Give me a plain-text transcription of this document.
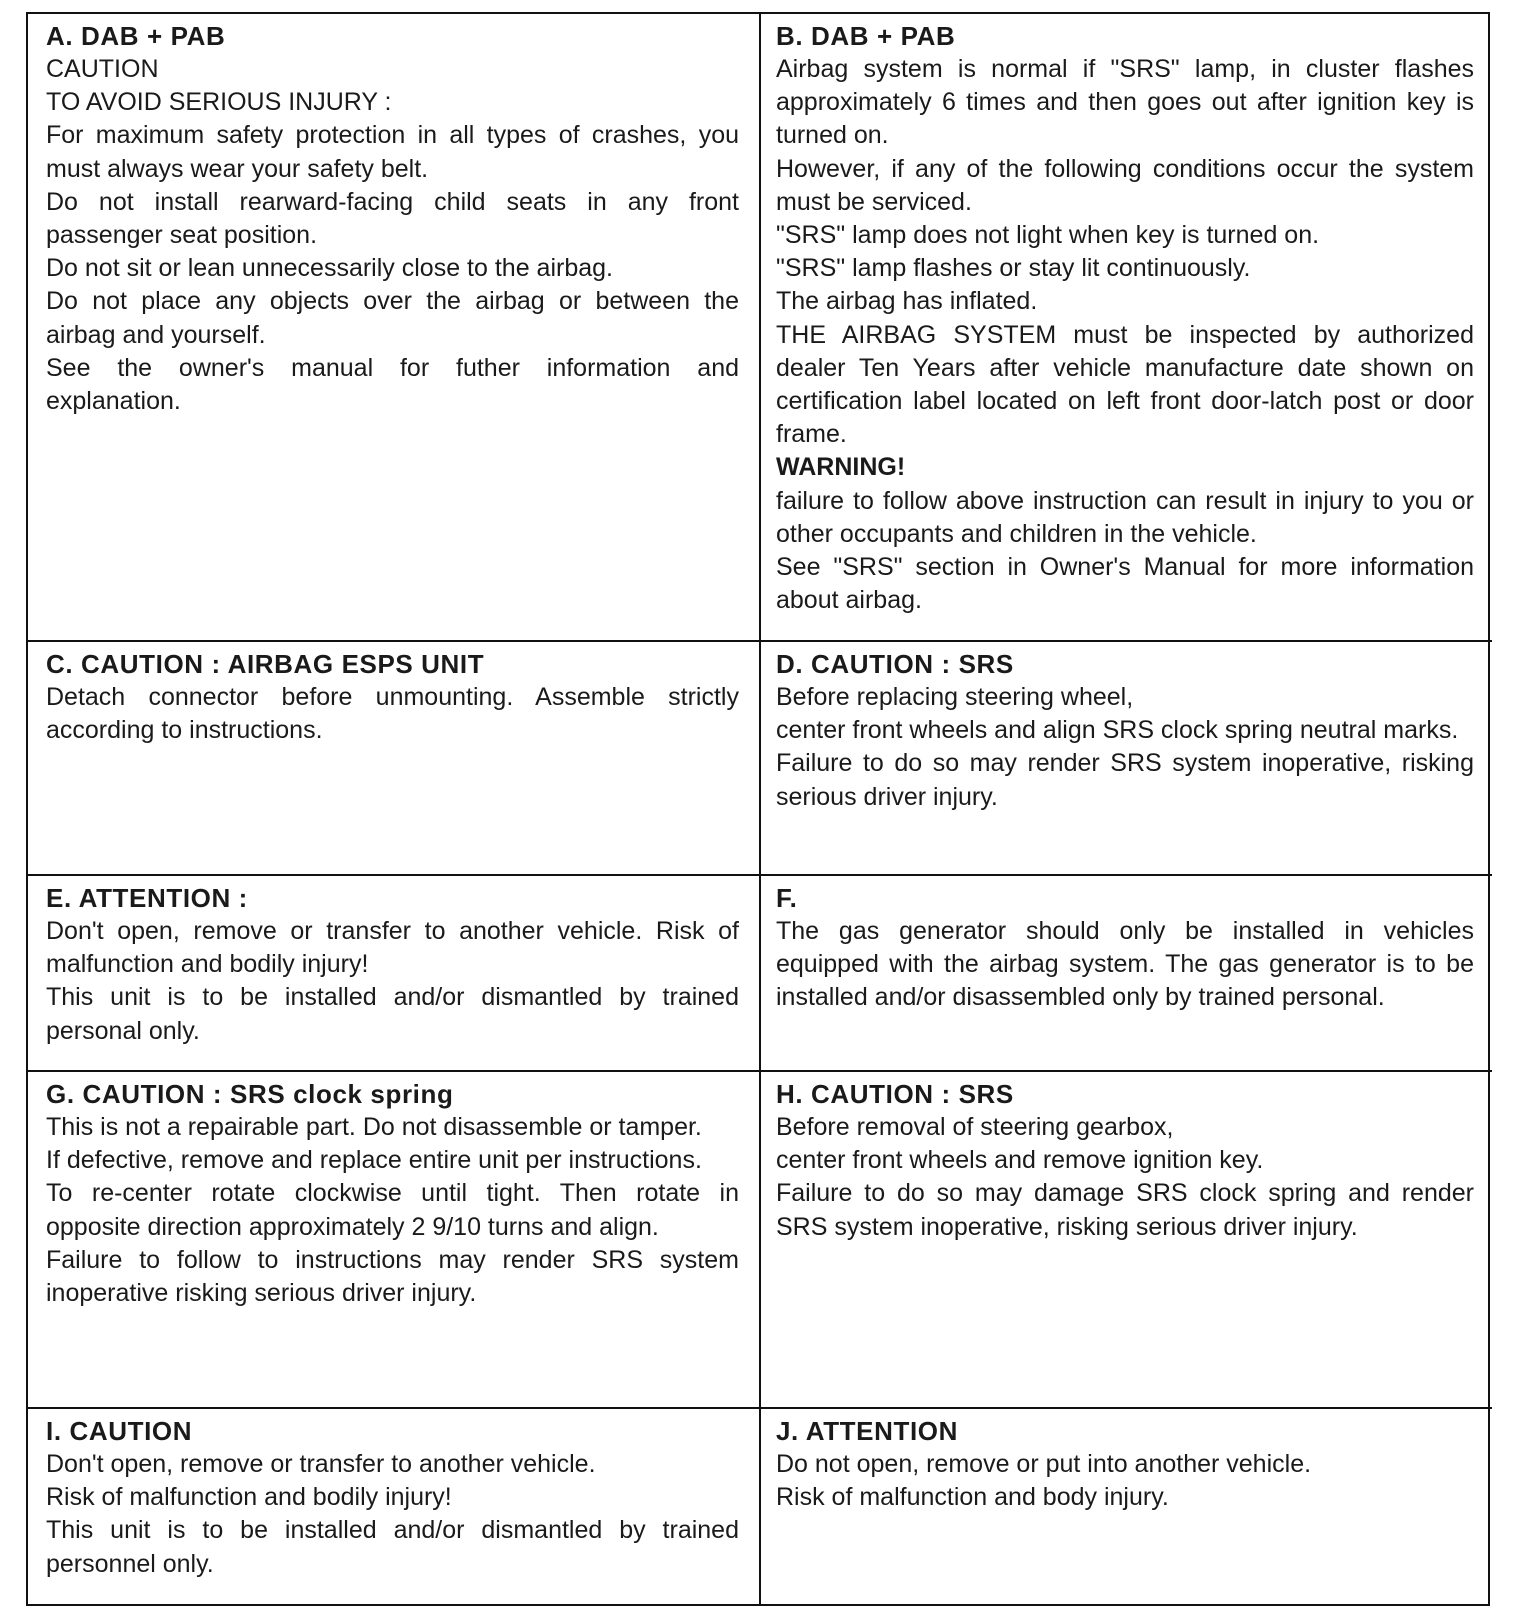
A. DAB + PAB

CAUTION

TO AVOID SERIOUS INJURY :

For maximum safety protection in all types of crashes, you must always wear your safety belt.

Do not install rearward-facing child seats in any front passenger seat position.

Do not sit or lean unnecessarily close to the airbag.

Do not place any objects over the airbag or between the airbag and yourself.

See the owner's manual for futher information and explanation.

B. DAB + PAB

Airbag system is normal if "SRS" lamp, in cluster flashes approximately 6 times and then goes out after ignition key is turned on.

However, if any of the following conditions occur the system must be serviced.

"SRS" lamp does not light when key is turned on.

"SRS" lamp flashes or stay lit continuously.

The airbag has inflated.

THE AIRBAG SYSTEM must be inspected by authorized dealer Ten Years after vehicle manufacture date shown on certification label located on left front door-latch post or door frame.

WARNING!

failure to follow above instruction can result in injury to you or other occupants and children in the vehicle.

See "SRS" section in Owner's Manual for more information about airbag.

C. CAUTION : AIRBAG ESPS UNIT

Detach connector before unmounting. Assemble strictly according to instructions.

D. CAUTION : SRS

Before replacing steering wheel,

center front wheels and align SRS clock spring neutral marks.

Failure to do so may render SRS system inoperative, risking serious driver injury.

E. ATTENTION :

Don't open, remove or transfer to another vehicle. Risk of malfunction and bodily injury!

This unit is to be installed and/or dismantled by trained personal only.

F.

The gas generator should only be installed in vehicles equipped with the airbag system. The gas generator is to be installed and/or disassembled only by trained personal.

G. CAUTION : SRS clock spring

This is not a repairable part. Do not disassemble or tamper.

If defective, remove and replace entire unit per instructions.

To re-center rotate clockwise until tight. Then rotate in opposite direction approximately 2 9/10 turns and align.

Failure to follow to instructions may render SRS system inoperative risking serious driver injury.

H. CAUTION : SRS

Before removal of steering gearbox,

center front wheels and remove ignition key.

Failure to do so may damage SRS clock spring and render SRS system inoperative, risking serious driver injury.

I. CAUTION

Don't open, remove or transfer to another vehicle.

Risk of malfunction and bodily injury!

This unit is to be installed and/or dismantled by trained personnel only.

J. ATTENTION

Do not open, remove or put into another vehicle.

Risk of malfunction and body injury.
